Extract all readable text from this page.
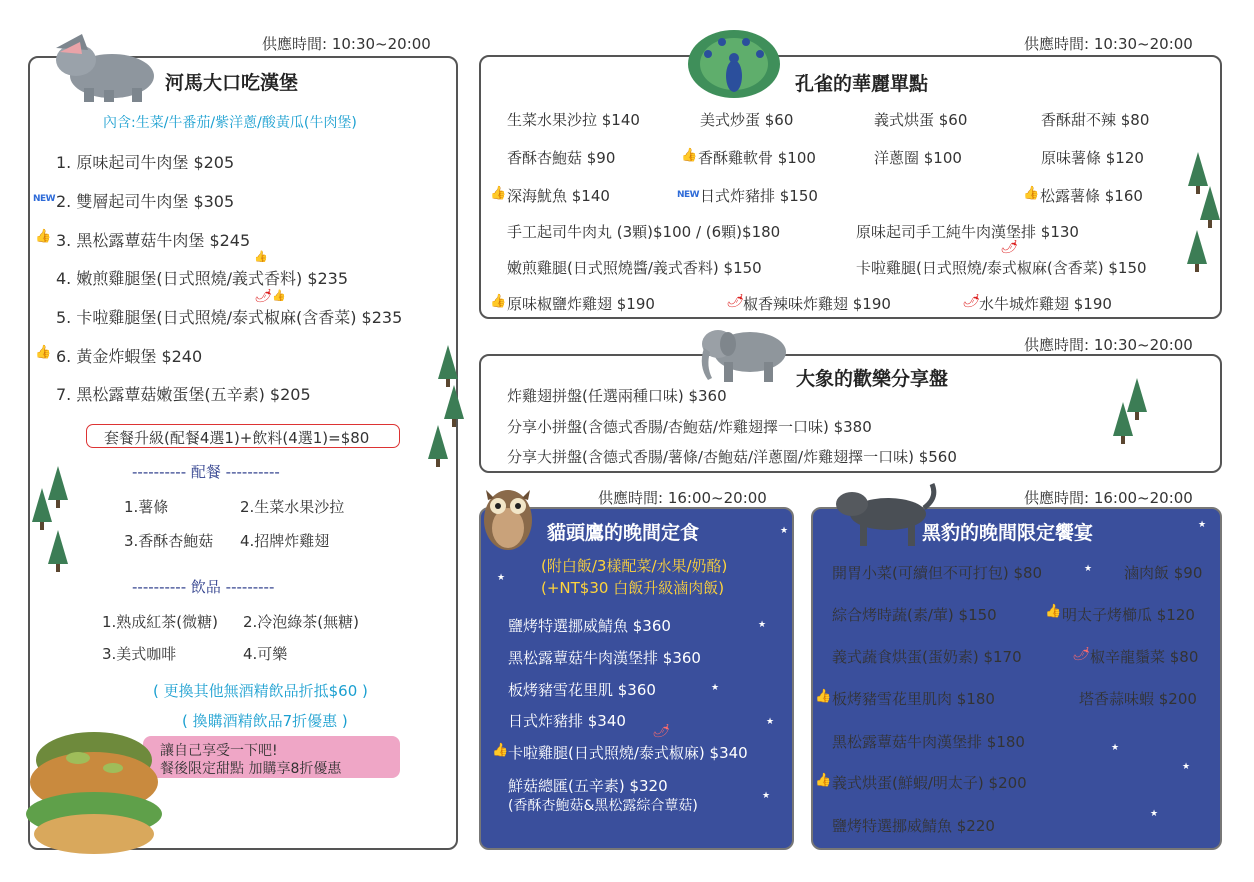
供應時間: 10:30~20:00
河馬大口吃漢堡
內含:生菜/牛番茄/紫洋蔥/酸黃瓜(牛肉堡)
1. 原味起司牛肉堡 $205
NEW 2. 雙層起司牛肉堡 $305
👍 3. 黑松露蕈菇牛肉堡 $245
👍
4. 嫩煎雞腿堡(日式照燒/義式香料) $235
🌶 👍
5. 卡啦雞腿堡(日式照燒/泰式椒麻(含香菜) $235
👍 6. 黃金炸蝦堡 $240
7. 黑松露蕈菇嫩蛋堡(五辛素) $205
套餐升級(配餐4選1)+飲料(4選1)=$80
---------- 配餐 ----------
1.薯條	2.生菜水果沙拉
3.香酥杏鮑菇 4.招牌炸雞翅
---------- 飲品 ---------
1.熟成紅茶(微糖) 2.冷泡綠茶(無糖)
3.美式咖啡	4.可樂
( 更換其他無酒精飲品折抵$60 )
( 換購酒精飲品7折優惠 )
讓自己享受一下吧!
餐後限定甜點 加購享8折優惠
供應時間: 10:30~20:00
孔雀的華麗單點
生菜水果沙拉 $140	美式炒蛋 $60	義式烘蛋 $60	香酥甜不辣 $80
香酥杏鮑菇 $90	👍 香酥雞軟骨 $100	洋蔥圈 $100	原味薯條 $120
👍 深海魷魚 $140	NEW 日式炸豬排 $150	👍 松露薯條 $160
手工起司牛肉丸 (3顆)$100 / (6顆)$180	原味起司手工純牛肉漢堡排 $130
🌶
嫩煎雞腿(日式照燒醬/義式香料) $150	卡啦雞腿(日式照燒/泰式椒麻(含香菜) $150
👍 原味椒鹽炸雞翅 $190	🌶 椒香辣味炸雞翅 $190	🌶 水牛城炸雞翅 $190
供應時間: 10:30~20:00
大象的歡樂分享盤
炸雞翅拼盤(任選兩種口味) $360
分享小拼盤(含德式香腸/杏鮑菇/炸雞翅擇一口味) $380
分享大拼盤(含德式香腸/薯條/杏鮑菇/洋蔥圈/炸雞翅擇一口味) $560
供應時間: 16:00~20:00
貓頭鷹的晚間定食
(附白飯/3樣配菜/水果/奶酪)
(+NT$30 白飯升級滷肉飯)
鹽烤特選挪威鯖魚 $360
黑松露蕈菇牛肉漢堡排 $360
板烤豬雪花里肌 $360
日式炸豬排 $340
🌶
👍 卡啦雞腿(日式照燒/泰式椒麻) $340
鮮菇總匯(五辛素) $320
(香酥杏鮑菇&黑松露綜合蕈菇)
★
★
★
★
★
★
供應時間: 16:00~20:00
黑豹的晚間限定饗宴
開胃小菜(可續但不可打包) $80	★ 滷肉飯 $90
綜合烤時蔬(素/葷) $150	👍 明太子烤櫛瓜 $120
義式蔬食烘蛋(蛋奶素) $170	🌶 椒辛龍鬚菜 $80
👍 板烤豬雪花里肌肉 $180	塔香蒜味蝦 $200
黑松露蕈菇牛肉漢堡排 $180
👍 義式烘蛋(鮮蝦/明太子) $200
鹽烤特選挪威鯖魚 $220
★
★
★
★
